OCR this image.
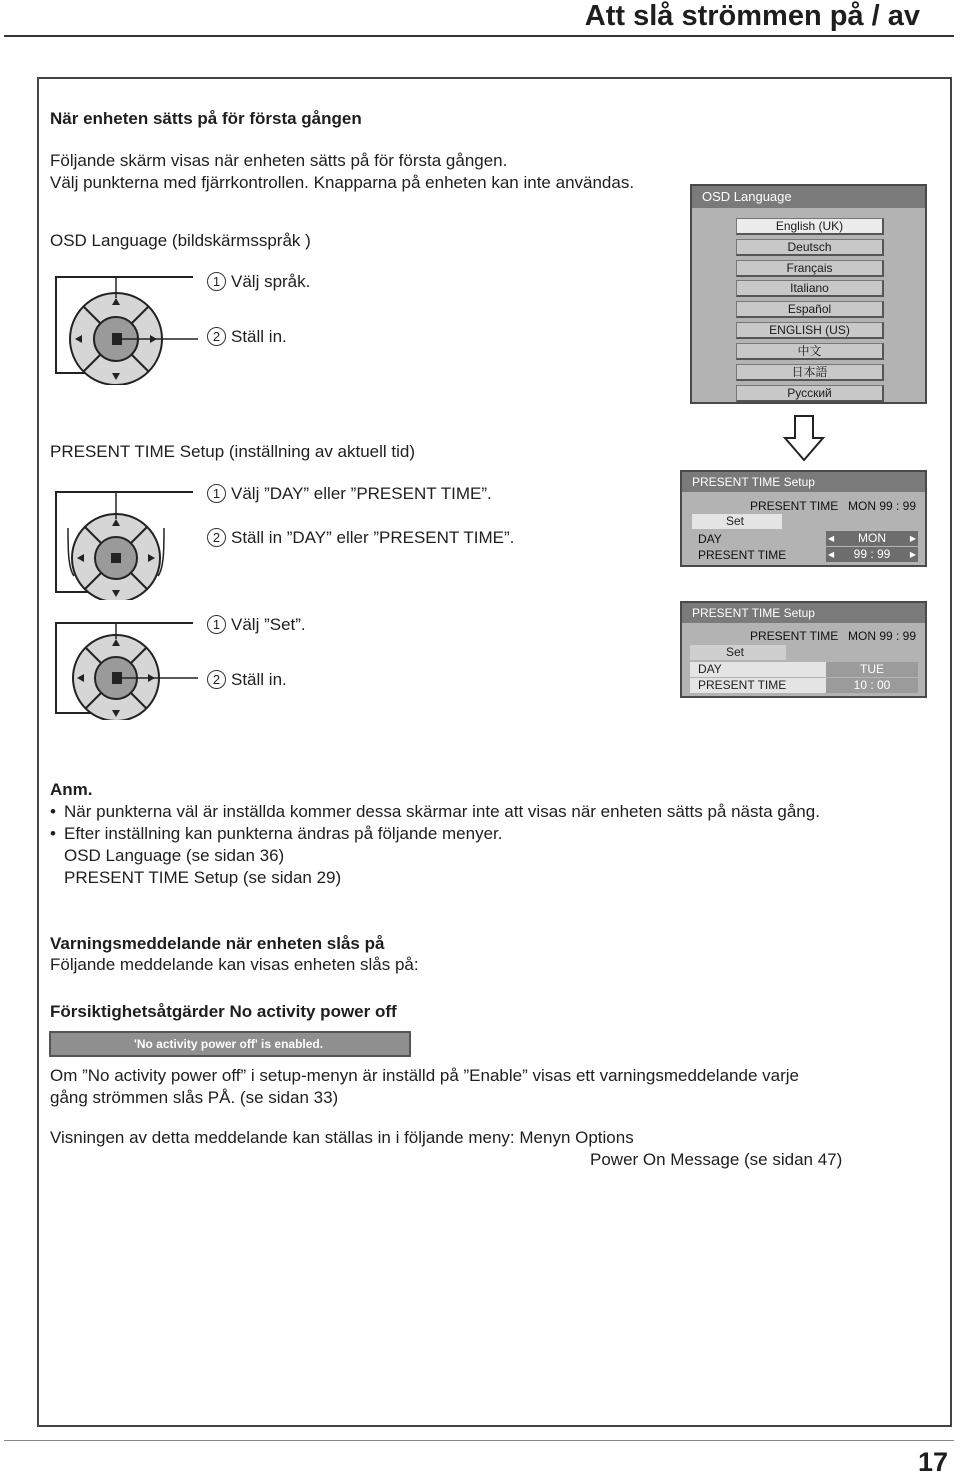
Att slå strömmen på / av
När enheten sätts på för första gången
Följande skärm visas när enheten sätts på för första gången.
Välj punkterna med fjärrkontrollen. Knapparna på enheten kan inte användas.
OSD Language (bildskärmsspråk )
1 Välj språk.
2 Ställ in.
OSD Language
English (UK)
Deutsch
Français
Italiano
Español
ENGLISH (US)
中文
日本語
Русский
PRESENT TIME Setup (inställning av aktuell tid)
1 Välj ”DAY” eller ”PRESENT TIME”.
2 Ställ in ”DAY” eller ”PRESENT TIME”.
PRESENT TIME Setup
PRESENT TIME MON 99 : 99
Set
DAY	◀ MON	▶
PRESENT TIME	◀ 99 : 99 ▶
1 Välj ”Set”.
2 Ställ in.
PRESENT TIME Setup
PRESENT TIME MON 99 : 99
Set
DAY	TUE
PRESENT TIME	10 : 00
Anm.
• När punkterna väl är inställda kommer dessa skärmar inte att visas när enheten sätts på nästa gång.
• Efter inställning kan punkterna ändras på följande menyer.
OSD Language (se sidan 36)
PRESENT TIME Setup (se sidan 29)
Varningsmeddelande när enheten slås på
Följande meddelande kan visas enheten slås på:
Försiktighetsåtgärder No activity power off
'No activity power off' is enabled.
Om ”No activity power off” i setup-menyn är inställd på ”Enable” visas ett varningsmeddelande varje
gång strömmen slås PÅ. (se sidan 33)
Visningen av detta meddelande kan ställas in i följande meny: Menyn Options
Power On Message (se sidan 47)
17
